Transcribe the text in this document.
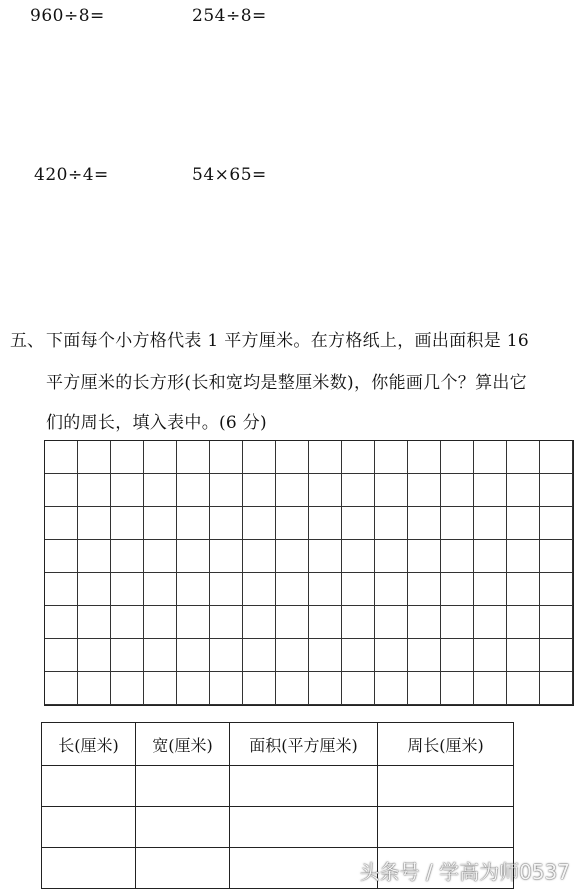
960÷8=	254÷8=
420÷4=	54×65=
五、 下面每个小方格代表 1 平方厘米。在方格纸上，画出面积是 16
平方厘米的长方形(长和宽均是整厘米数)，你能画几个？算出它
们的周长，填入表中。(6 分)
长(厘米)	宽(厘米)	面积(平方厘米)	周长(厘米)

头条号 / 学高为师0537
